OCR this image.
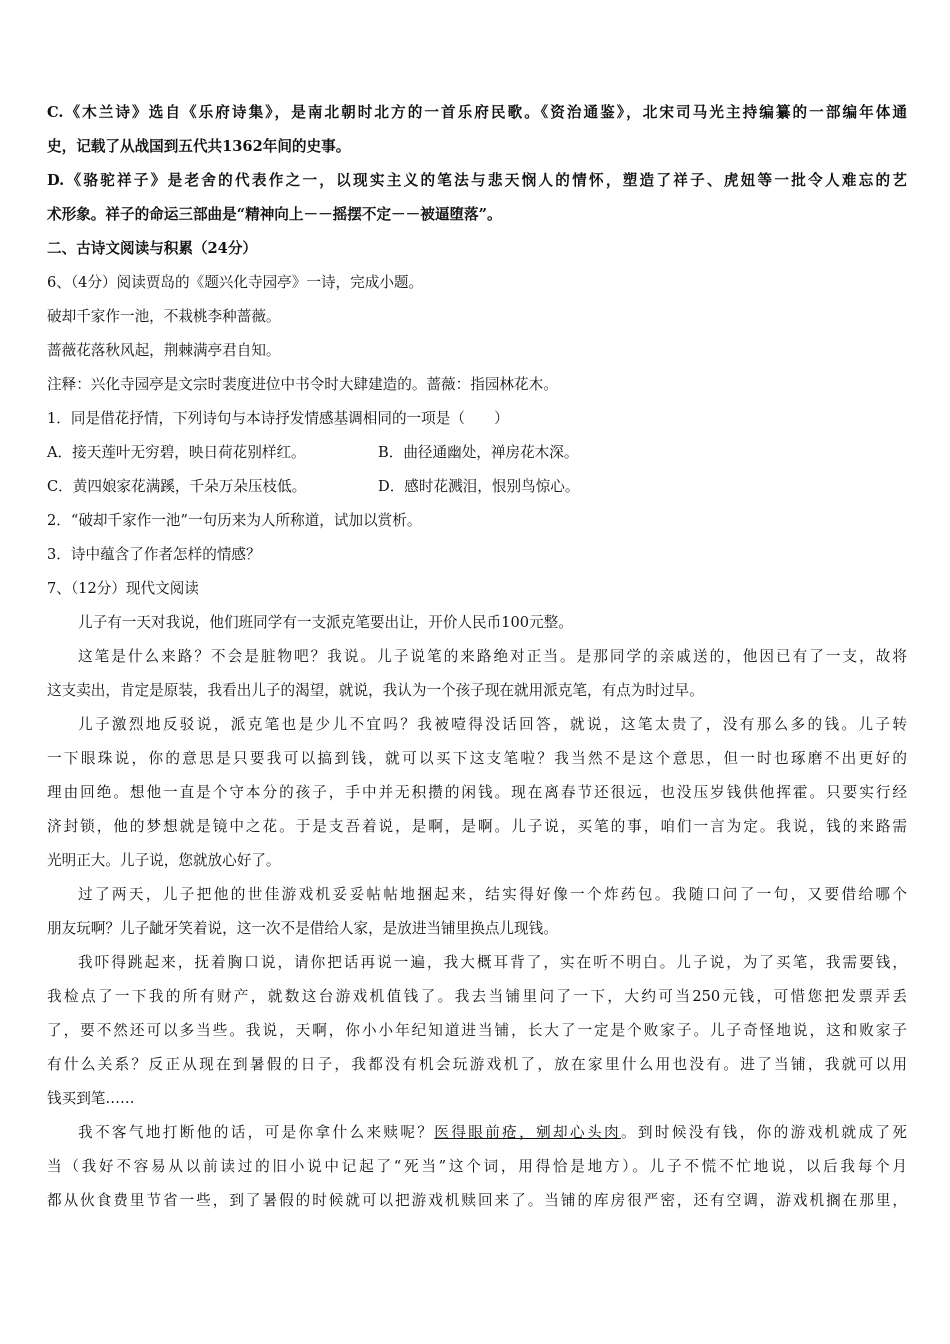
C.《木兰诗》选自《乐府诗集》，是南北朝时北方的一首乐府民歌。《资治通鉴》，北宋司马光主持编纂的一部编年体通
史，记载了从战国到五代共1362年间的史事。
D.《骆驼祥子》是老舍的代表作之一，以现实主义的笔法与悲天悯人的情怀，塑造了祥子、虎妞等一批令人难忘的艺
术形象。祥子的命运三部曲是“精神向上－－摇摆不定－－被逼堕落”。
二、古诗文阅读与积累（24分）
6、（4分）阅读贾岛的《题兴化寺园亭》一诗，完成小题。
破却千家作一池，不栽桃李种蔷薇。
蔷薇花落秋风起，荆棘满亭君自知。
注释：兴化寺园亭是文宗时裴度进位中书令时大肆建造的。蔷薇：指园林花木。
1．同是借花抒情，下列诗句与本诗抒发情感基调相同的一项是（　　）
A．接天莲叶无穷碧，映日荷花别样红。	B．曲径通幽处，禅房花木深。
C．黄四娘家花满蹊，千朵万朵压枝低。	D．感时花溅泪，恨别鸟惊心。
2．“破却千家作一池”一句历来为人所称道，试加以赏析。
3．诗中蕴含了作者怎样的情感？
7、（12分）现代文阅读
儿子有一天对我说，他们班同学有一支派克笔要出让，开价人民币100元整。
这笔是什么来路？不会是脏物吧？我说。儿子说笔的来路绝对正当。是那同学的亲戚送的，他因已有了一支，故将
这支卖出，肯定是原装，我看出儿子的渴望，就说，我认为一个孩子现在就用派克笔，有点为时过早。
儿子激烈地反驳说，派克笔也是少儿不宜吗？我被噎得没话回答，就说，这笔太贵了，没有那么多的钱。儿子转
一下眼珠说，你的意思是只要我可以搞到钱，就可以买下这支笔啦？我当然不是这个意思，但一时也琢磨不出更好的
理由回绝。想他一直是个守本分的孩子，手中并无积攒的闲钱。现在离春节还很远，也没压岁钱供他挥霍。只要实行经
济封锁，他的梦想就是镜中之花。于是支吾着说，是啊，是啊。儿子说，买笔的事，咱们一言为定。我说，钱的来路需
光明正大。儿子说，您就放心好了。
过了两天，儿子把他的世佳游戏机妥妥帖帖地捆起来，结实得好像一个炸药包。我随口问了一句，又要借给哪个
朋友玩啊？儿子龇牙笑着说，这一次不是借给人家，是放进当铺里换点儿现钱。
我吓得跳起来，抚着胸口说，请你把话再说一遍，我大概耳背了，实在听不明白。儿子说，为了买笔，我需要钱，
我检点了一下我的所有财产，就数这台游戏机值钱了。我去当铺里问了一下，大约可当250元钱，可惜您把发票弄丢
了，要不然还可以多当些。我说，天啊，你小小年纪知道进当铺，长大了一定是个败家子。儿子奇怪地说，这和败家子
有什么关系？反正从现在到暑假的日子，我都没有机会玩游戏机了，放在家里什么用也没有。进了当铺，我就可以用
钱买到笔……
我不客气地打断他的话，可是你拿什么来赎呢？医得眼前疮，剜却心头肉。到时候没有钱，你的游戏机就成了死
当（我好不容易从以前读过的旧小说中记起了“死当”这个词，用得恰是地方）。儿子不慌不忙地说，以后我每个月
都从伙食费里节省一些，到了暑假的时候就可以把游戏机赎回来了。当铺的库房很严密，还有空调，游戏机搁在那里，
